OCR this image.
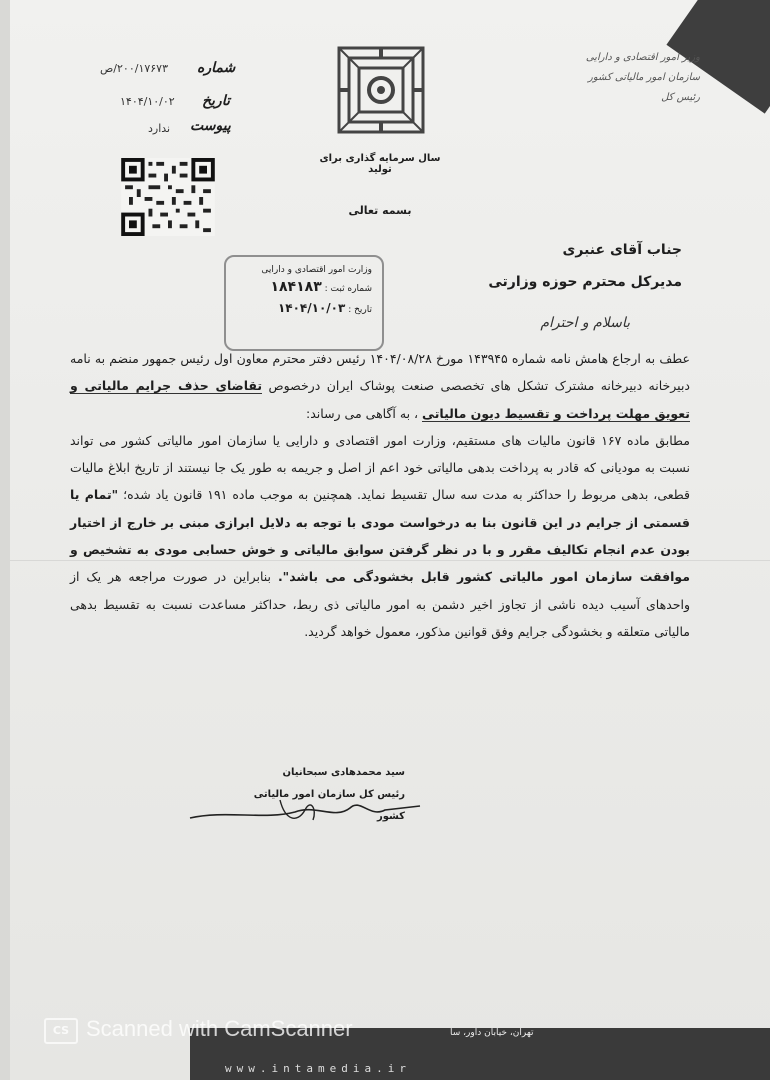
شماره
۲۰۰/۱۷۶۷۳/ص
تاریخ
۱۴۰۴/۱۰/۰۲
پیوست
ندارد
سال سرمایه گذاری برای تولید
بسمه تعالی
وزیر امور اقتصادی و دارایی
سازمان امور مالیاتی کشور
رئیس کل
وزارت امور اقتصادی و دارایی
شماره ثبت : ۱۸۴۱۸۳
تاریخ : ۱۴۰۴/۱۰/۰۳
جناب آقای عنبری
مدیرکل محترم حوزه وزارتی
باسلام و احترام

عطف به ارجاع هامش نامه شماره ۱۴۳۹۴۵ مورخ ۱۴۰۴/۰۸/۲۸ رئیس دفتر محترم معاون اول رئیس جمهور منضم به نامه دبیرخانه دبیرخانه مشترک تشکل های تخصصی صنعت پوشاک ایران درخصوص تقاضای حذف جرایم مالیاتی و تعویق مهلت پرداخت و تقسیط دیون مالیاتی ، به آگاهی می رساند:

مطابق ماده ۱۶۷ قانون مالیات های مستقیم، وزارت امور اقتصادی و دارایی یا سازمان امور مالیاتی کشور می تواند نسبت به مودیانی که قادر به پرداخت بدهی مالیاتی خود اعم از اصل و جریمه به طور یک جا نیستند از تاریخ ابلاغ مالیات قطعی، بدهی مربوط را حداکثر به مدت سه سال تقسیط نماید. همچنین به موجب ماده ۱۹۱ قانون یاد شده؛ "تمام یا قسمتی از جرایم در این قانون بنا به درخواست مودی با توجه به دلایل ابرازی مبنی بر خارج از اختیار بودن عدم انجام تکالیف مقرر و با در نظر گرفتن سوابق مالیاتی و خوش حسابی مودی به تشخیص و موافقت سازمان امور مالیاتی کشور قابل بخشودگی می باشد". بنابراین در صورت مراجعه هر یک از واحدهای آسیب دیده ناشی از تجاوز اخیر دشمن به امور مالیاتی ذی ربط، حداکثر مساعدت نسبت به تقسیط بدهی مالیاتی متعلقه و بخشودگی جرایم وفق قوانین مذکور، معمول خواهد گردید.

سید محمدهادی سبحانیان
رئیس کل سازمان امور مالیاتی کشور
تهران، خیابان داور، سا
www.intamedia.ir
CS Scanned with CamScanner
